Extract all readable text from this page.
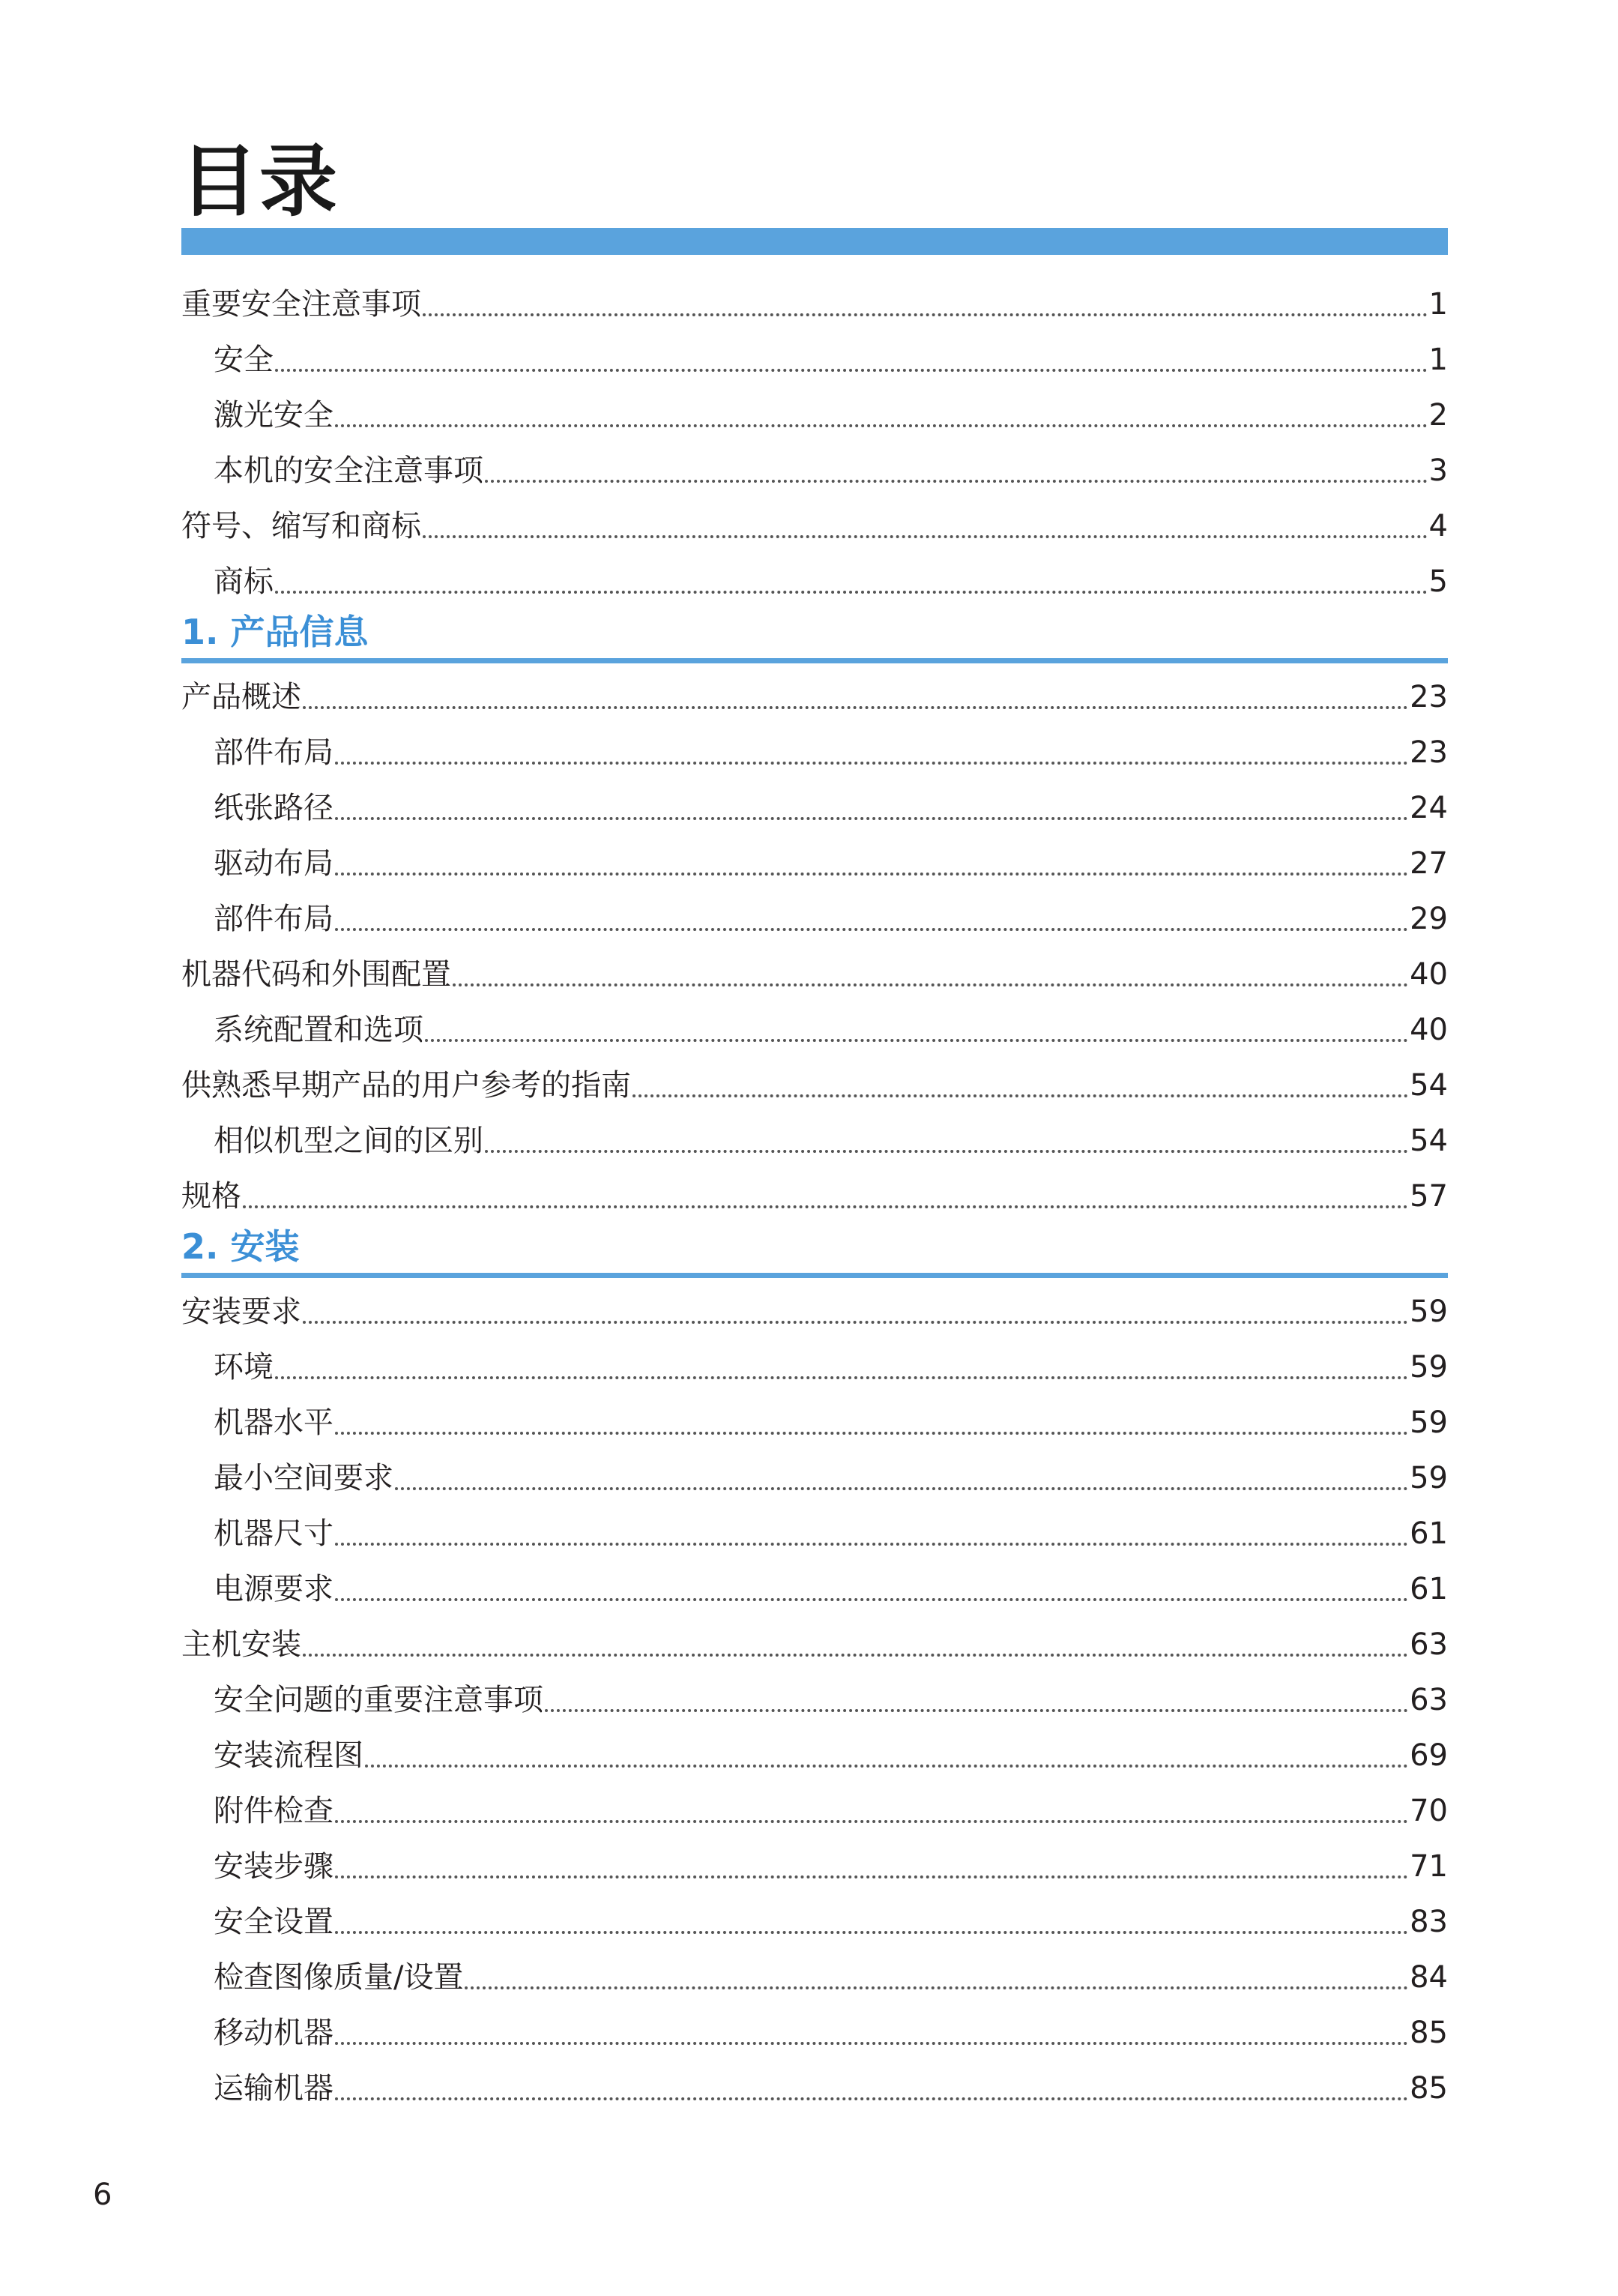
目录
重要安全注意事项	1
安全	1
激光安全	2
本机的安全注意事项	3
符号、缩写和商标	4
商标	5
1. 产品信息
产品概述	23
部件布局	23
纸张路径	24
驱动布局	27
部件布局	29
机器代码和外围配置	40
系统配置和选项	40
供熟悉早期产品的用户参考的指南	54
相似机型之间的区别	54
规格	57
2. 安装
安装要求	59
环境	59
机器水平	59
最小空间要求	59
机器尺寸	61
电源要求	61
主机安装	63
安全问题的重要注意事项	63
安装流程图	69
附件检查	70
安装步骤	71
安全设置	83
检查图像质量/设置	84
移动机器	85
运输机器	85
6
